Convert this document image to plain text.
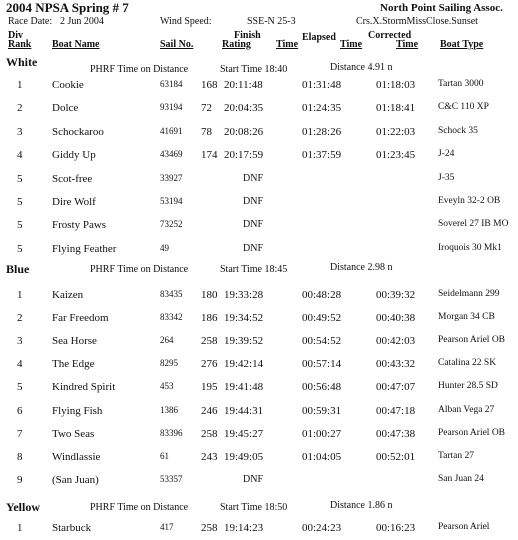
2004 NPSA Spring # 7	North Point Sailing Assoc.
Race Date: 2 Jun 2004	Wind Speed:	SSE-N 25-3	Crs.X.StormMissClose.Sunset
Div
Rank Boat Name	Sail No.	Rating
Finish
Time
Elapsed
Time
Corrected
Time Boat Type
White
PHRF Time on Distance	Start Time 18:40	Distance 4.91 n
1	Cookie	63184 168 20:11:48	01:31:48	01:18:03 Tartan 3000
2	Dolce	93194 72 20:04:35	01:24:35	01:18:41 C&C 110 XP
3	Schockaroo	41691 78 20:08:26	01:28:26	01:22:03 Schock 35
4	Giddy Up	43469 174 20:17:59	01:37:59	01:23:45 J-24
5	Scot-free	33927	DNF	J-35
5	Dire Wolf	53194	DNF	Eveyln 32-2 OB
5	Frosty Paws	73252	DNF	Soverel 27 IB MO
5	Flying Feather	49	DNF	Iroquois 30 Mk1
Blue	PHRF Time on Distance	Start Time 18:45	Distance 2.98 n
1	Kaizen	83435 180 19:33:28	00:48:28	00:39:32 Seidelmann 299
2	Far Freedom	83342 186 19:34:52	00:49:52	00:40:38 Morgan 34 CB
3	Sea Horse	264	258 19:39:52	00:54:52	00:42:03 Pearson Ariel OB
4	The Edge	8295 276 19:42:14	00:57:14	00:43:32 Catalina 22 SK
5	Kindred Spirit	453	195 19:41:48	00:56:48	00:47:07 Hunter 28.5 SD
6	Flying Fish	1386 246 19:44:31	00:59:31	00:47:18 Alban Vega 27
7	Two Seas	83396 258 19:45:27	01:00:27	00:47:38 Pearson Ariel OB
8	Windlassie	61	243 19:49:05	01:04:05	00:52:01 Tartan 27
9	(San Juan)	53357	DNF	San Juan 24
Yellow	PHRF Time on Distance	Start Time 18:50	Distance 1.86 n
1	Starbuck	417	258 19:14:23	00:24:23	00:16:23 Pearson Ariel
